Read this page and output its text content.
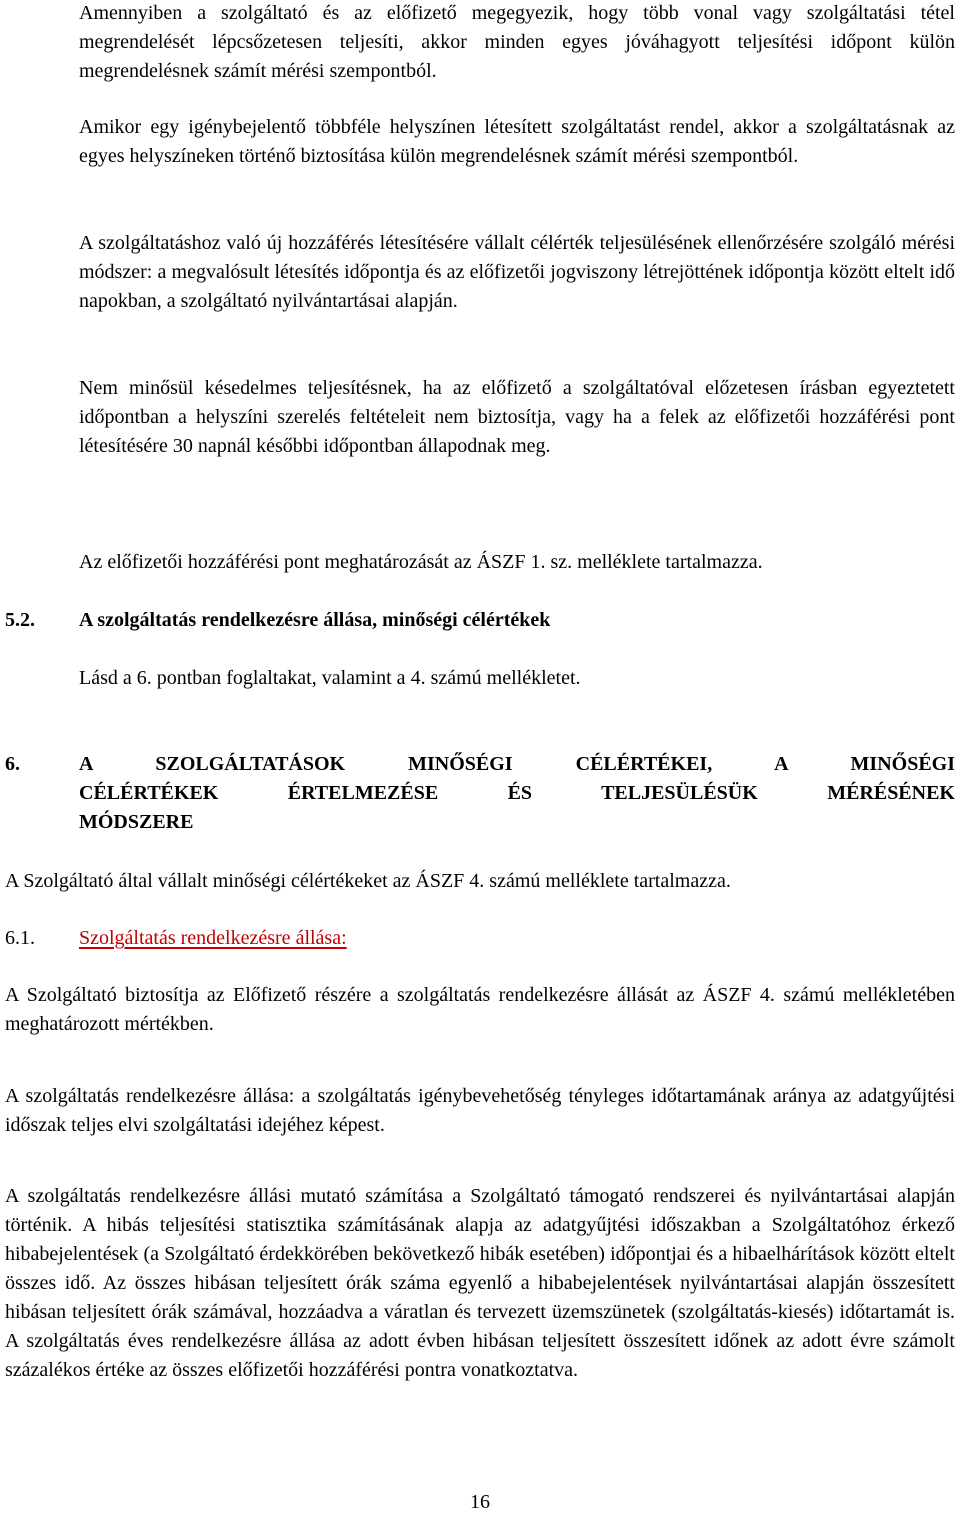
Amennyiben a szolgáltató és az előfizető megegyezik, hogy több vonal vagy szolgáltatási tétel megrendelését lépcsőzetesen teljesíti, akkor minden egyes jóváhagyott teljesítési időpont külön megrendelésnek számít mérési szempontból.

Amikor egy igénybejelentő többféle helyszínen létesített szolgáltatást rendel, akkor a szolgáltatásnak az egyes helyszíneken történő biztosítása külön megrendelésnek számít mérési szempontból.

A szolgáltatáshoz való új hozzáférés létesítésére vállalt célérték teljesülésének ellenőrzésére szolgáló mérési módszer: a megvalósult létesítés időpontja és az előfizetői jogviszony létrejöttének időpontja között eltelt idő napokban, a szolgáltató nyilvántartásai alapján.

Nem minősül késedelmes teljesítésnek, ha az előfizető a szolgáltatóval előzetesen írásban egyeztetett időpontban a helyszíni szerelés feltételeit nem biztosítja, vagy ha a felek az előfizetői hozzáférési pont létesítésére 30 napnál későbbi időpontban állapodnak meg.

Az előfizetői hozzáférési pont meghatározását az ÁSZF 1. sz. melléklete tartalmazza.

5.2. A szolgáltatás rendelkezésre állása, minőségi célértékek

Lásd a 6. pontban foglaltakat, valamint a 4. számú mellékletet.

6.	A SZOLGÁLTATÁSOK MINŐSÉGI CÉLÉRTÉKEI, A MINŐSÉGI
CÉLÉRTÉKEK ÉRTELMEZÉSE ÉS TELJESÜLÉSÜK MÉRÉSÉNEK
MÓDSZERE

A Szolgáltató által vállalt minőségi célértékeket az ÁSZF 4. számú melléklete tartalmazza.

6.1. Szolgáltatás rendelkezésre állása:

A Szolgáltató biztosítja az Előfizető részére a szolgáltatás rendelkezésre állását az ÁSZF 4. számú mellékletében meghatározott mértékben.

A szolgáltatás rendelkezésre állása: a szolgáltatás igénybevehetőség tényleges időtartamának aránya az adatgyűjtési időszak teljes elvi szolgáltatási idejéhez képest.

A szolgáltatás rendelkezésre állási mutató számítása a Szolgáltató támogató rendszerei és nyilvántartásai alapján történik. A hibás teljesítési statisztika számításának alapja az adatgyűjtési időszakban a Szolgáltatóhoz érkező hibabejelentések (a Szolgáltató érdekkörében bekövetkező hibák esetében) időpontjai és a hibaelhárítások között eltelt összes idő. Az összes hibásan teljesített órák száma egyenlő a hibabejelentések nyilvántartásai alapján összesített hibásan teljesített órák számával, hozzáadva a váratlan és tervezett üzemszünetek (szolgáltatás-kiesés) időtartamát is. A szolgáltatás éves rendelkezésre állása az adott évben hibásan teljesített összesített időnek az adott évre számolt százalékos értéke az összes előfizetői hozzáférési pontra vonatkoztatva.

16
